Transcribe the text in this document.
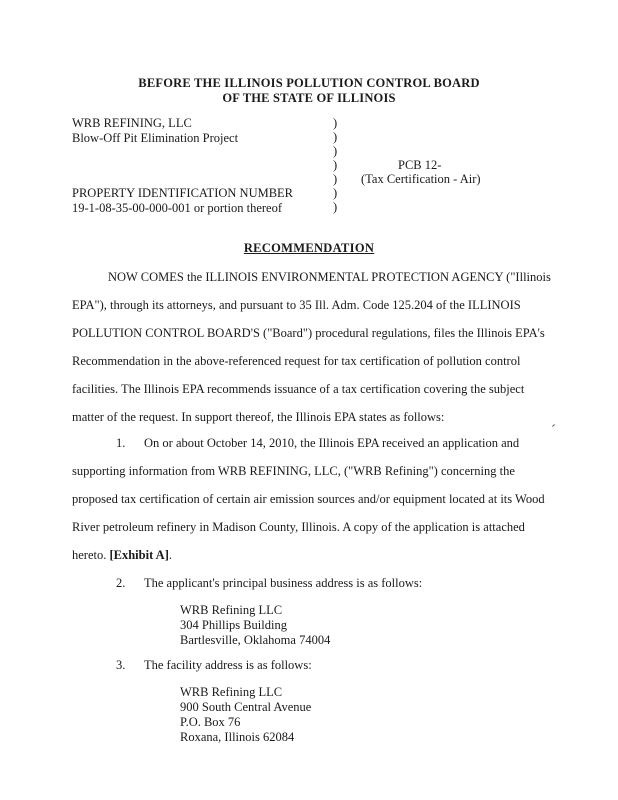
BEFORE THE ILLINOIS POLLUTION CONTROL BOARD
OF THE STATE OF ILLINOIS
WRB REFINING, LLC
Blow-Off Pit Elimination Project
PROPERTY IDENTIFICATION NUMBER
19-1-08-35-00-000-001 or portion thereof
)
)
)
)
)
)
)
PCB 12-
(Tax Certification - Air)
RECOMMENDATION
NOW COMES the ILLINOIS ENVIRONMENTAL PROTECTION AGENCY ("Illinois
EPA"), through its attorneys, and pursuant to 35 Ill. Adm. Code 125.204 of the ILLINOIS
POLLUTION CONTROL BOARD'S ("Board") procedural regulations, files the Illinois EPA's
Recommendation in the above-referenced request for tax certification of pollution control
facilities. The Illinois EPA recommends issuance of a tax certification covering the subject
matter of the request. In support thereof, the Illinois EPA states as follows:
1. On or about October 14, 2010, the Illinois EPA received an application and
supporting information from WRB REFINING, LLC, ("WRB Refining") concerning the
proposed tax certification of certain air emission sources and/or equipment located at its Wood
River petroleum refinery in Madison County, Illinois. A copy of the application is attached
hereto. [Exhibit A].
2. The applicant's principal business address is as follows:
WRB Refining LLC
304 Phillips Building
Bartlesville, Oklahoma 74004
3. The facility address is as follows:
WRB Refining LLC
900 South Central Avenue
P.O. Box 76
Roxana, Illinois 62084
